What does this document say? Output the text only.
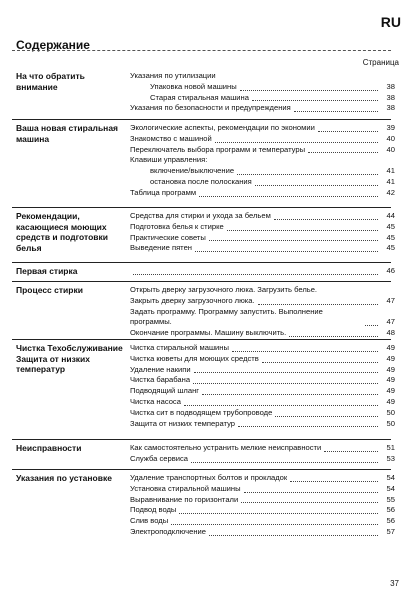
RU
Содержание
Страница
На что обратить внимание
Указания по утилизации
Упаковка новой машины	38
Старая стиральная машина	38
Указания по безопасности и предупреждения	38
Ваша новая стиральная машина
Экологические аспекты, рекомендации по экономии	39
Знакомство с машиной	40
Переключатель выбора программ и температуры	40
Клавиши управления:
включение/выключение	41
остановка после полоскания	41
Таблица программ	42
Рекомендации, касающиеся моющих средств и подготовки белья
Средства для стирки и ухода за бельем	44
Подготовка белья к стирке	45
Практические советы	45
Выведение пятен	45
Первая стирка	46
Процесс стирки	Открыть дверку загрузочного люка. Загрузить белье.
Закрыть дверку загрузочного люка.	47
Задать программу. Программу запустить. Выполнение программы.	47
Окончание программы. Машину выключить.	48
Чистка Техобслуживание Защита от низких температур
Чистка стиральной машины	49
Чистка кюветы для моющих средств	49
Удаление накипи	49
Чистка барабана	49
Подводящий шланг	49
Чистка насоса	49
Чистка сит в подводящем трубопроводе	50
Защита от низких температур	50
Неисправности	Как самостоятельно устранить мелкие неисправности	51
Служба сервиса	53
Указания по установке	Удаление транспортных болтов и прокладок	54
Установка стиральной машины	54
Выравнивание по горизонтали	55
Подвод воды	56
Слив воды	56
Электроподключение	57
37
